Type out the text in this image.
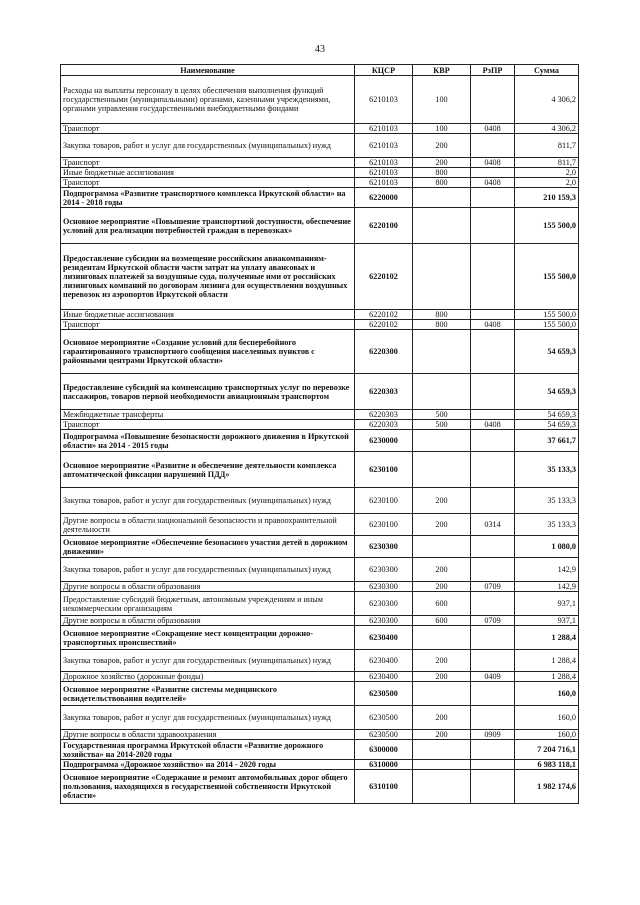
43
Наименование	КЦСР	КВР	РзПР	Сумма
Расходы на выплаты персоналу в целях обеспечения выполнения функций государственными (муниципальными) органами, казенными учреждениями, органами управления государственными внебюджетными фондами	6210103	100		4 306,2
Транспорт	6210103	100	0408	4 306,2
Закупка товаров, работ и услуг для государственных (муниципальных) нужд	6210103	200		811,7
Транспорт	6210103	200	0408	811,7
Иные бюджетные ассигнования	6210103	800		2,0
Транспорт	6210103	800	0408	2,0
Подпрограмма «Развитие транспортного комплекса Иркутской области» на 2014 - 2018 годы	6220000			210 159,3
Основное мероприятие «Повышение транспортной доступности, обеспечение условий для реализации потребностей граждан в перевозках»	6220100			155 500,0
Предоставление субсидии на возмещение российским авиакомпаниям-резидентам Иркутской области части затрат на уплату авансовых и лизинговых платежей за воздушные суда, полученные ими от российских лизинговых компаний по договорам лизинга для осуществления воздушных перевозок из аэропортов Иркутской области	6220102			155 500,0
Иные бюджетные ассигнования	6220102	800		155 500,0
Транспорт	6220102	800	0408	155 500,0
Основное мероприятие «Создание условий для бесперебойного гарантированного транспортного сообщения населенных пунктов с районными центрами Иркутской области»	6220300			54 659,3
Предоставление субсидий на компенсацию транспортных услуг по перевозке пассажиров, товаров первой необходимости авиационным транспортом	6220303			54 659,3
Межбюджетные трансферты	6220303	500		54 659,3
Транспорт	6220303	500	0408	54 659,3
Подпрограмма «Повышение безопасности дорожного движения в Иркутской области» на 2014 - 2015 годы	6230000			37 661,7
Основное мероприятие «Развитие и обеспечение деятельности комплекса автоматической фиксации нарушений ПДД»	6230100			35 133,3
Закупка товаров, работ и услуг для государственных (муниципальных) нужд	6230100	200		35 133,3
Другие вопросы в области национальной безопасности и правоохранительной деятельности	6230100	200	0314	35 133,3
Основное мероприятие «Обеспечение безопасного участия детей в дорожном движении»	6230300			1 080,0
Закупка товаров, работ и услуг для государственных (муниципальных) нужд	6230300	200		142,9
Другие вопросы в области образования	6230300	200	0709	142,9
Предоставление субсидий бюджетным, автономным учреждениям и иным некоммерческим организациям	6230300	600		937,1
Другие вопросы в области образования	6230300	600	0709	937,1
Основное мероприятие «Сокращение мест концентрации дорожно-транспортных происшествий»	6230400			1 288,4
Закупка товаров, работ и услуг для государственных (муниципальных) нужд	6230400	200		1 288,4
Дорожное хозяйство (дорожные фонды)	6230400	200	0409	1 288,4
Основное мероприятие «Развитие системы медицинского освидетельствования водителей»	6230500			160,0
Закупка товаров, работ и услуг для государственных (муниципальных) нужд	6230500	200		160,0
Другие вопросы в области здравоохранения	6230500	200	0909	160,0
Государственная программа Иркутской области «Развитие дорожного хозяйства» на 2014-2020 годы	6300000			7 204 716,1
Подпрограмма «Дорожное хозяйство» на 2014 - 2020 годы	6310000			6 983 118,1
Основное мероприятие «Содержание и ремонт автомобильных дорог общего пользования, находящихся в государственной собственности Иркутской области»	6310100			1 982 174,6
